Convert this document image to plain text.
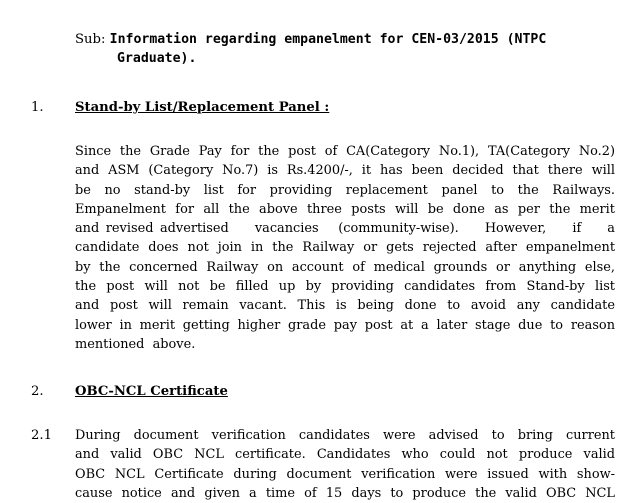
Sub: Information regarding empanelment for CEN-03/2015 (NTPC
Graduate).
1. Stand-by List/Replacement Panel :
Since the Grade Pay for the post of CA(Category No.1), TA(Category No.2)
and ASM (Category No.7) is Rs.4200/-, it has been decided that there will
be no stand-by list for providing replacement panel to the Railways.
Empanelment for all the above three posts will be done as per the merit
and revised advertised    vacancies   (community-wise).    However,    if    a
candidate does not join in the Railway or gets rejected after empanelment
by the concerned Railway on account of medical grounds or anything else,
the post will not be filled up by providing candidates from Stand-by list
and post will remain vacant. This is being done to avoid any candidate
lower in merit getting higher grade pay post at a later stage due to reason
mentioned  above.
2. OBC-NCL Certificate
2.1 During document verification candidates were advised to bring current
and valid OBC NCL certificate. Candidates who could not produce valid
OBC NCL Certificate during document verification were issued with show-
cause notice and given a time of 15 days to produce the valid OBC NCL
